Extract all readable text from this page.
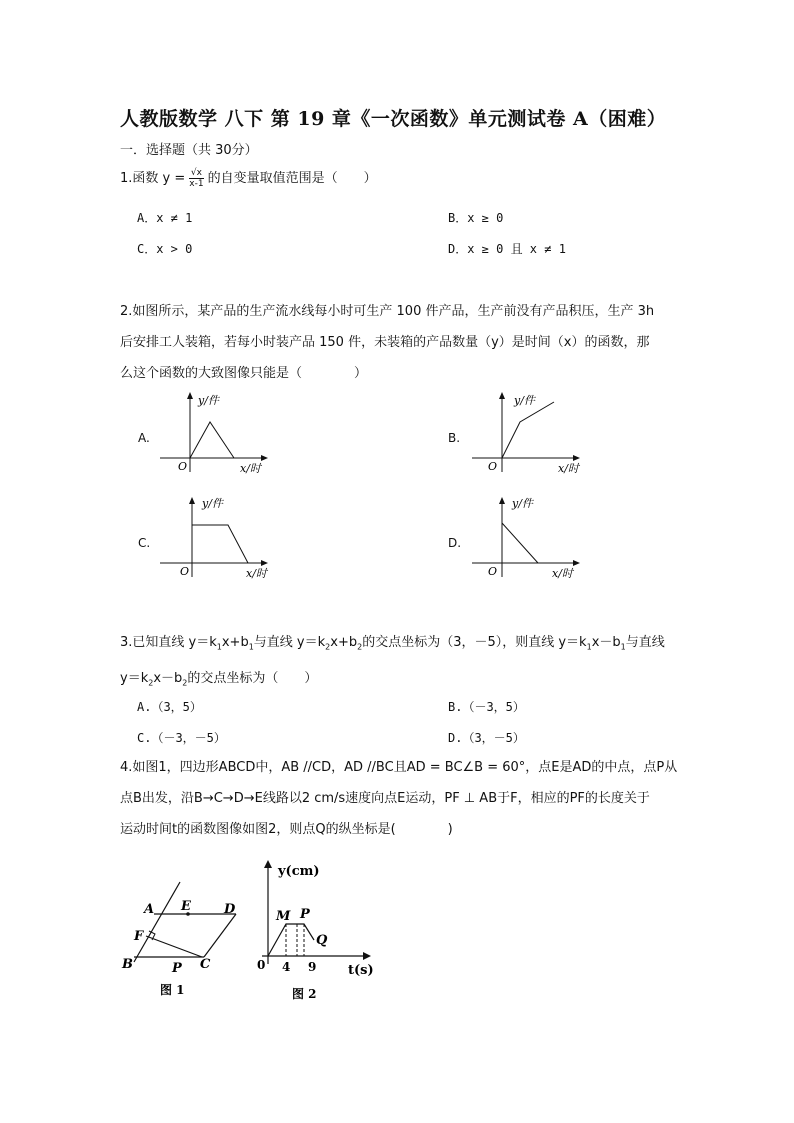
人教版数学 八下 第 19 章《一次函数》单元测试卷 A（困难）
一．选择题（共 30分）
1.函数 $y = \frac{√x}{x-1}$ 的自变量取值范围是（　　）
A．x ≠ 1	B．x ≥ 0
C．x > 0	D．x ≥ 0 且 x ≠ 1
2.如图所示，某产品的生产流水线每小时可生产 100 件产品，生产前没有产品积压，生产 3h
后安排工人装箱，若每小时装产品 150 件，未装箱的产品数量（y）是时间（x）的函数，那
么这个函数的大致图像只能是（　　　　）
A.	B.
C.	D.
y/件
x/时
O
y/件
x/时
O
y/件
x/时
O
y/件
x/时
O
3.已知直线 $y=k_1x+b_1$与直线 $y=k_2x+b_2$的交点坐标为（3，－5），则直线 $y=k_1x-b_1$与直线
$y=k_2x-b_2$的交点坐标为（　　）
A.（3，5）	B.（－3，5）
C.（－3，－5）	D.（3，－5）
4.如图1，四边形ABCD中，AB //CD，AD //BC且AD = BC∠B = 60°，点E是AD的中点，点P从
点B出发，沿B→C→D→E线路以2 cm/s速度向点E运动，PF ⊥ AB于F，相应的PF的长度关于
运动时间t的函数图像如图2，则点Q的纵坐标是(　　　　)
A E	D
F
B	P C
图 1
y(cm)
t(s)
M P
Q
0 4 9
图 2
